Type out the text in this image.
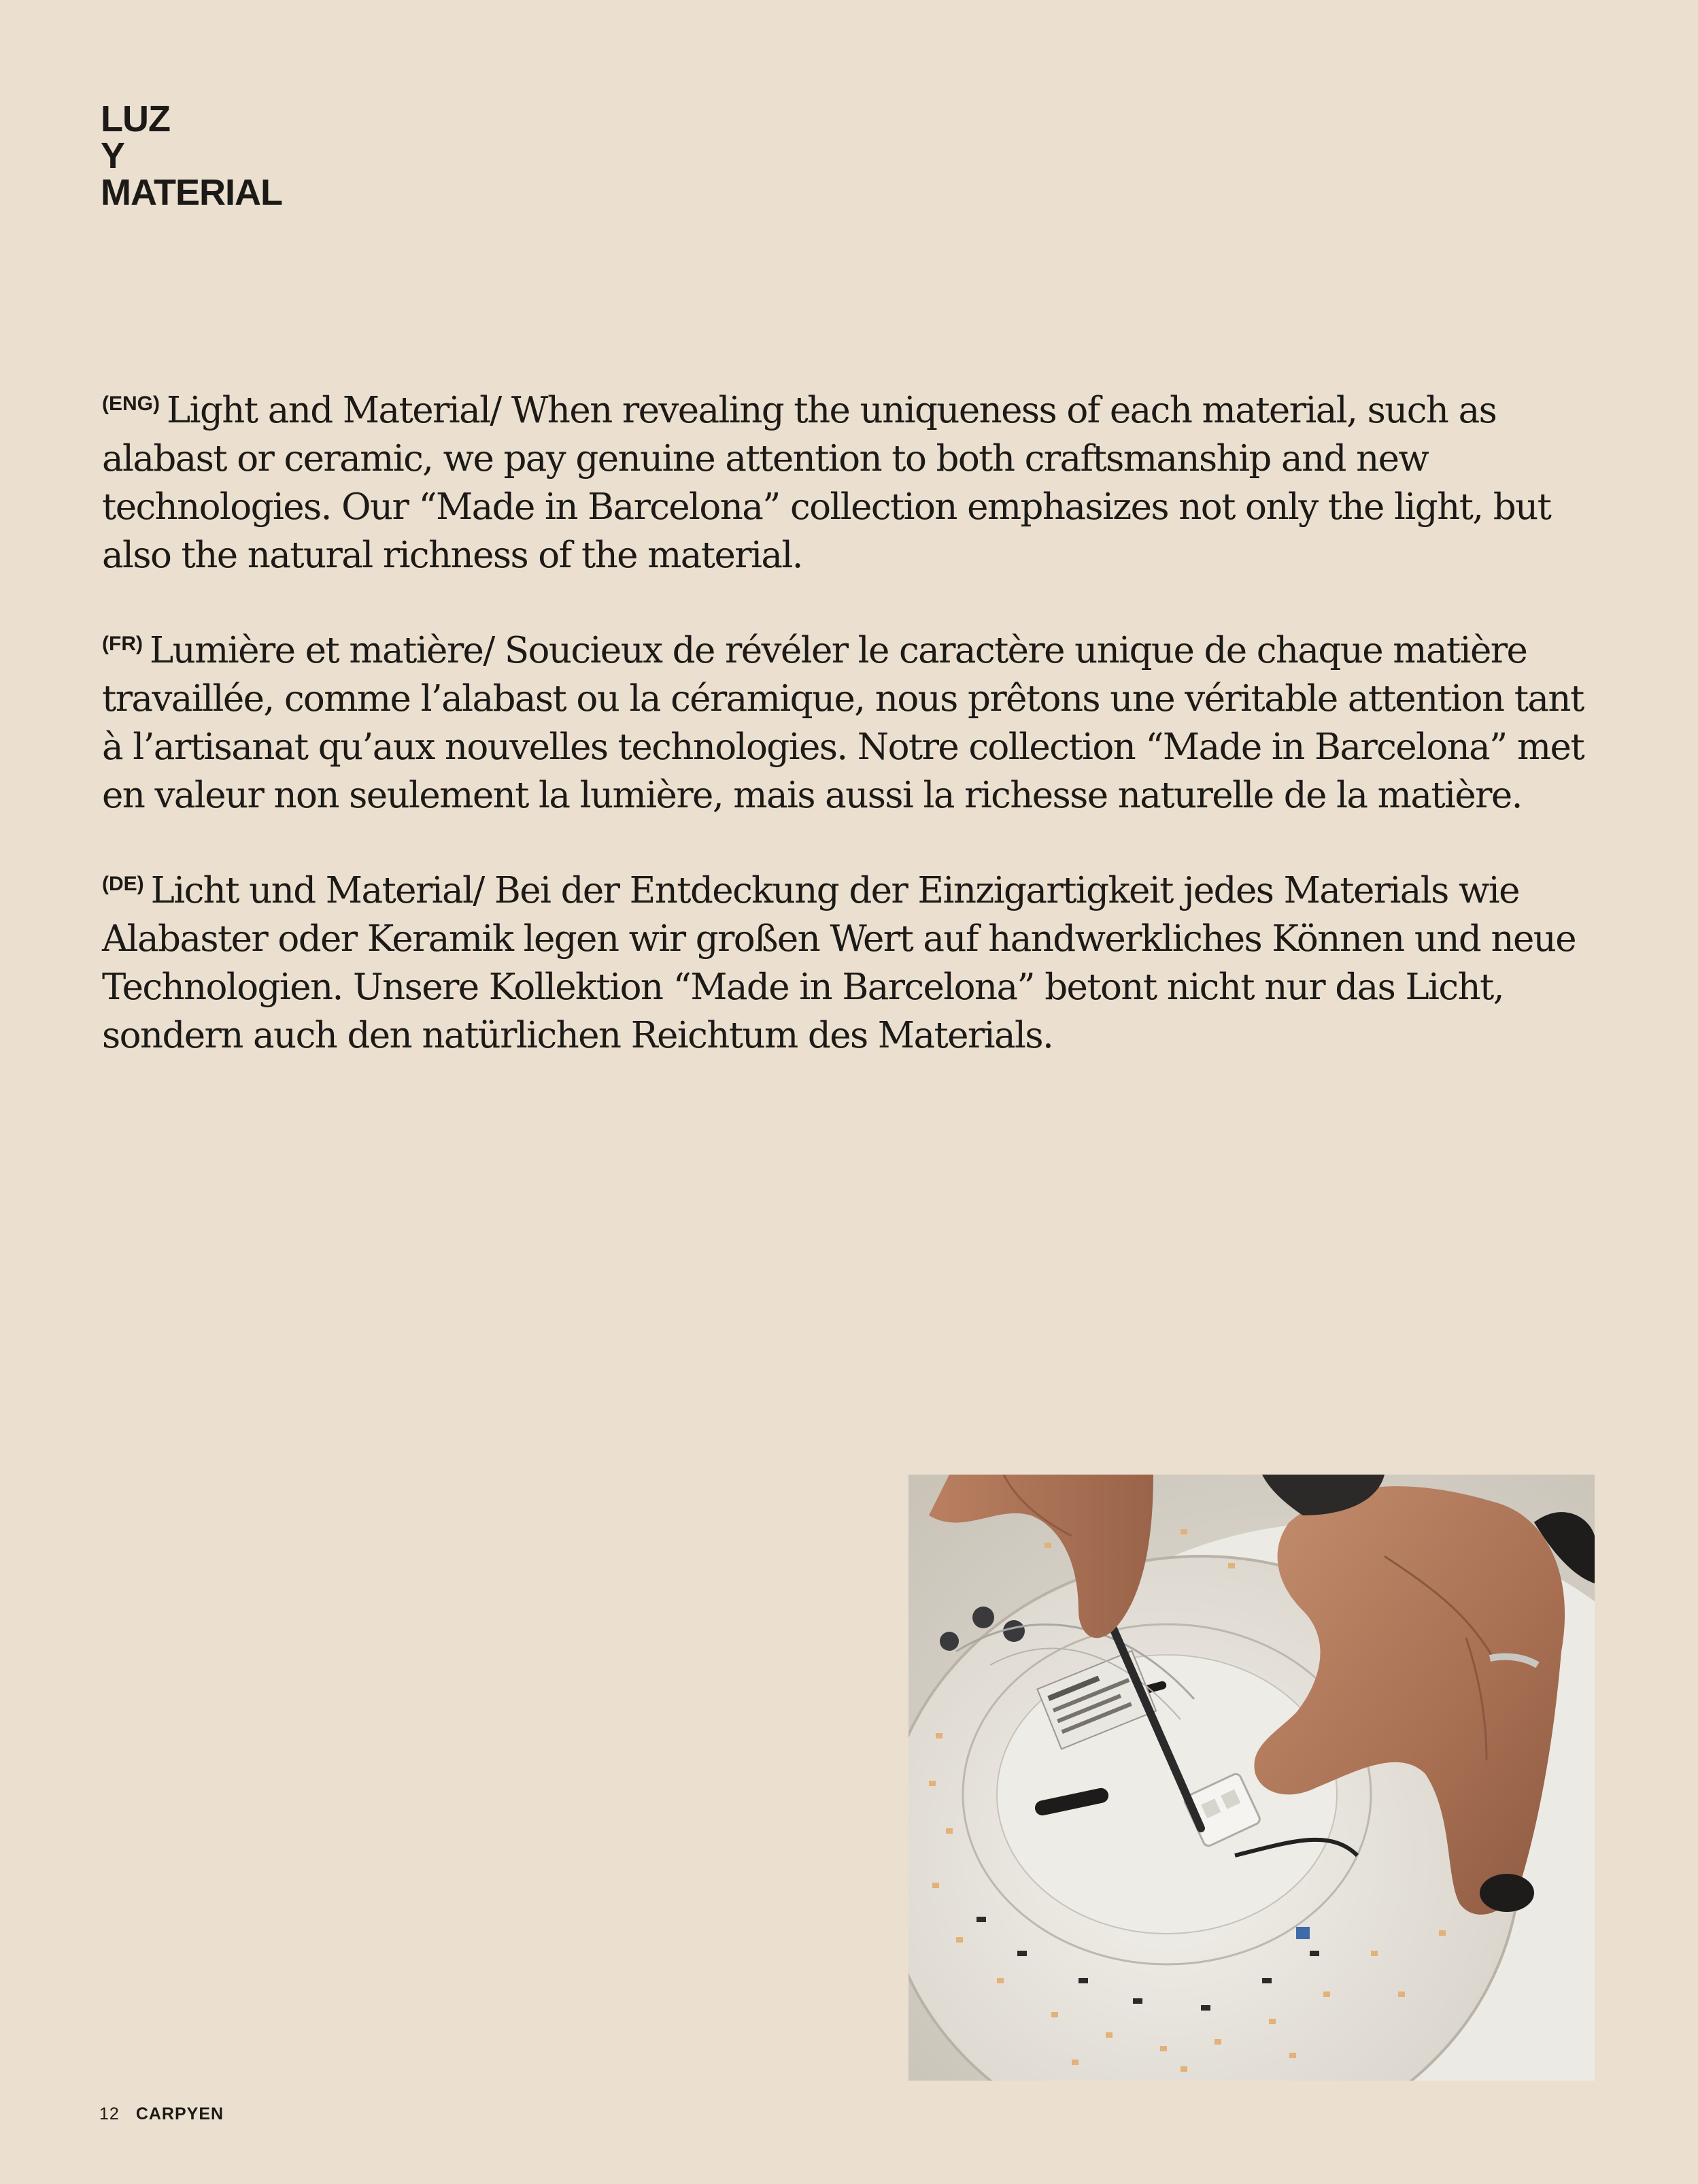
LUZ
Y
MATERIAL

$^{(ENG)}$ Light and Material/ When revealing the uniqueness of each material, such as alabast or ceramic, we pay genuine attention to both craftsmanship and new technologies. Our “Made in Barcelona” collection emphasizes not only the light, but also the natural richness of the material.

$^{(FR)}$ Lumière et matière/ Soucieux de révéler le caractère unique de chaque matière travaillée, comme l’alabast ou la céramique, nous prêtons une véritable attention tant à l’artisanat qu’aux nouvelles technologies. Notre collection “Made in Barcelona” met en valeur non seulement la lumière, mais aussi la richesse naturelle de la matière.

$^{(DE)}$ Licht und Material/ Bei der Entdeckung der Einzigartigkeit jedes Materials wie Alabaster oder Keramik legen wir großen Wert auf handwerkliches Können und neue Technologien. Unsere Kollektion “Made in Barcelona” betont nicht nur das Licht, sondern auch den natürlichen Reichtum des Materials.

12 CARPYEN
